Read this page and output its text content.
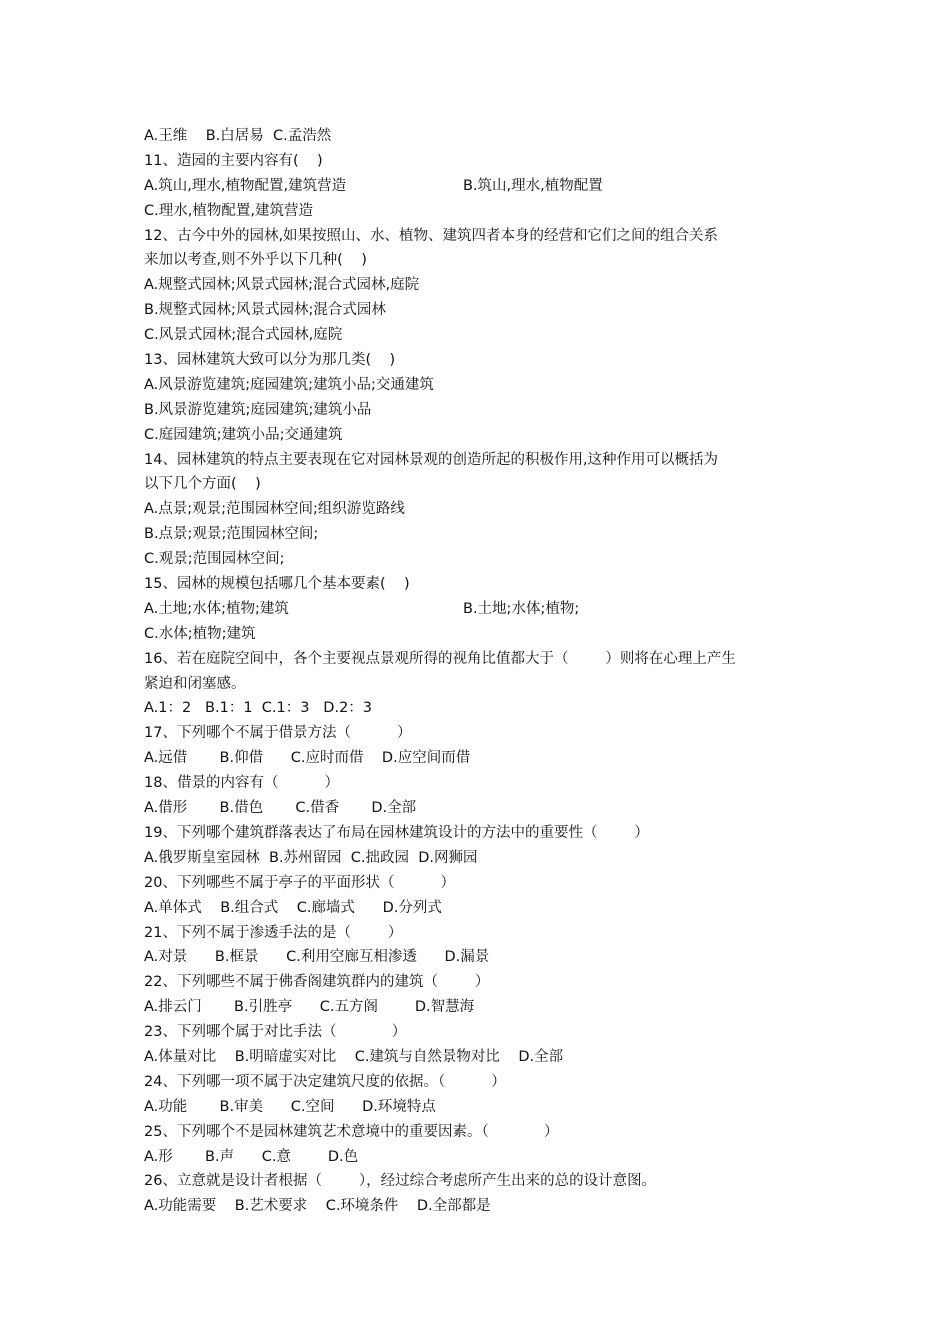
A.王维    B.白居易  C.孟浩然
11、造园的主要内容有(    )
A.筑山,理水,植物配置,建筑营造	B.筑山,理水,植物配置
C.理水,植物配置,建筑营造
12、古今中外的园林,如果按照山、水、植物、建筑四者本身的经营和它们之间的组合关系
来加以考查,则不外乎以下几种(    )
A.规整式园林;风景式园林;混合式园林,庭院
B.规整式园林;风景式园林;混合式园林
C.风景式园林;混合式园林,庭院
13、园林建筑大致可以分为那几类(    )
A.风景游览建筑;庭园建筑;建筑小品;交通建筑
B.风景游览建筑;庭园建筑;建筑小品
C.庭园建筑;建筑小品;交通建筑
14、园林建筑的特点主要表现在它对园林景观的创造所起的积极作用,这种作用可以概括为
以下几个方面(    )
A.点景;观景;范围园林空间;组织游览路线
B.点景;观景;范围园林空间;
C.观景;范围园林空间;
15、园林的规模包括哪几个基本要素(    )
A.土地;水体;植物;建筑	B.土地;水体;植物;
C.水体;植物;建筑
16、若在庭院空间中，各个主要视点景观所得的视角比值都大于（        ）则将在心理上产生
紧迫和闭塞感。
A.1：2   B.1：1  C.1：3   D.2：3
17、下列哪个不属于借景方法（          ）
A.远借       B.仰借      C.应时而借    D.应空间而借
18、借景的内容有（          ）
A.借形       B.借色       C.借香       D.全部
19、下列哪个建筑群落表达了布局在园林建筑设计的方法中的重要性（        ）
A.俄罗斯皇室园林  B.苏州留园  C.拙政园  D.网狮园
20、下列哪些不属于亭子的平面形状（          ）
A.单体式    B.组合式    C.廊墙式      D.分列式
21、下列不属于渗透手法的是（        ）
A.对景      B.框景      C.利用空廊互相渗透      D.漏景
22、下列哪些不属于佛香阁建筑群内的建筑（        ）
A.排云门       B.引胜亭      C.五方阁        D.智慧海
23、下列哪个属于对比手法（            ）
A.体量对比    B.明暗虚实对比    C.建筑与自然景物对比    D.全部
24、下列哪一项不属于决定建筑尺度的依据。（          ）
A.功能       B.审美      C.空间      D.环境特点
25、下列哪个不是园林建筑艺术意境中的重要因素。（            ）
A.形       B.声      C.意        D.色
26、立意就是设计者根据（        ），经过综合考虑所产生出来的总的设计意图。
A.功能需要    B.艺术要求    C.环境条件    D.全部都是
